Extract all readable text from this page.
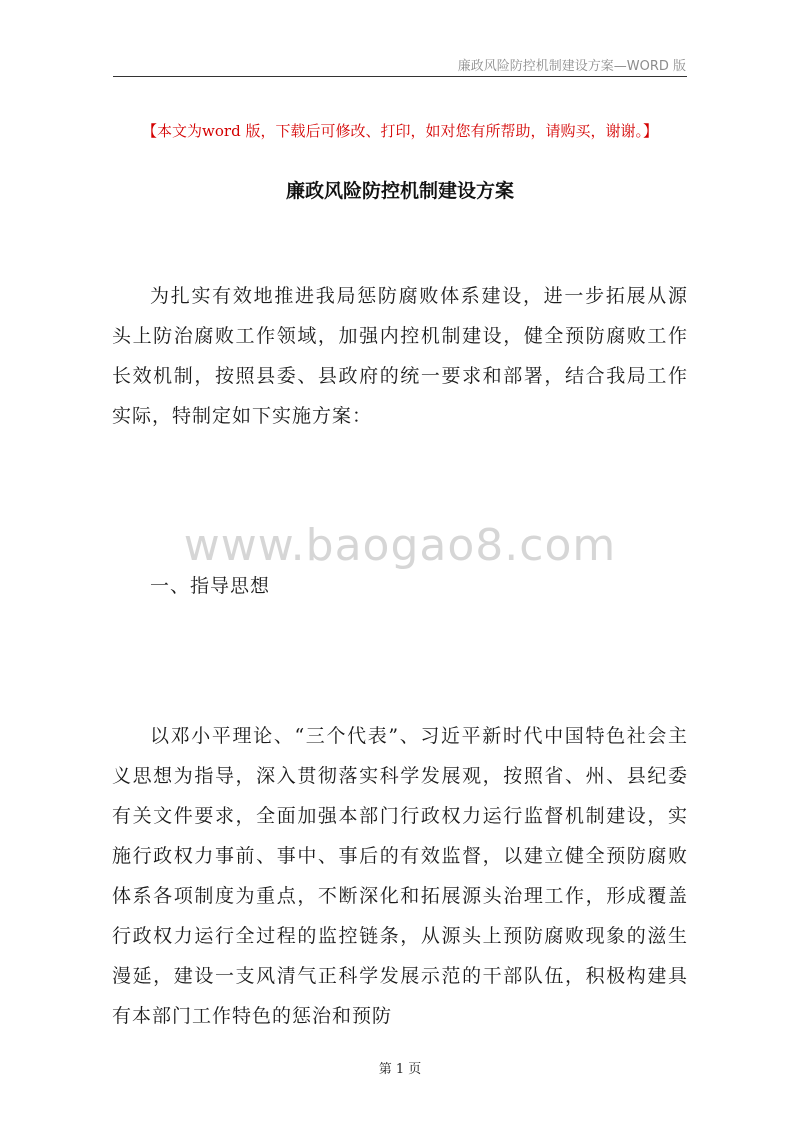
廉政风险防控机制建设方案—WORD 版
【本文为word 版，下载后可修改、打印，如对您有所帮助，请购买，谢谢。】
廉政风险防控机制建设方案

为扎实有效地推进我局惩防腐败体系建设，进一步拓展从源头上防治腐败工作领域，加强内控机制建设，健全预防腐败工作长效机制，按照县委、县政府的统一要求和部署，结合我局工作实际，特制定如下实施方案：

www.baogao8.com
一、指导思想

以邓小平理论、“三个代表”、习近平新时代中国特色社会主义思想为指导，深入贯彻落实科学发展观，按照省、州、县纪委有关文件要求，全面加强本部门行政权力运行监督机制建设，实施行政权力事前、事中、事后的有效监督，以建立健全预防腐败体系各项制度为重点，不断深化和拓展源头治理工作，形成覆盖行政权力运行全过程的监控链条，从源头上预防腐败现象的滋生漫延，建设一支风清气正科学发展示范的干部队伍，积极构建具有本部门工作特色的惩治和预防

第 1 页
